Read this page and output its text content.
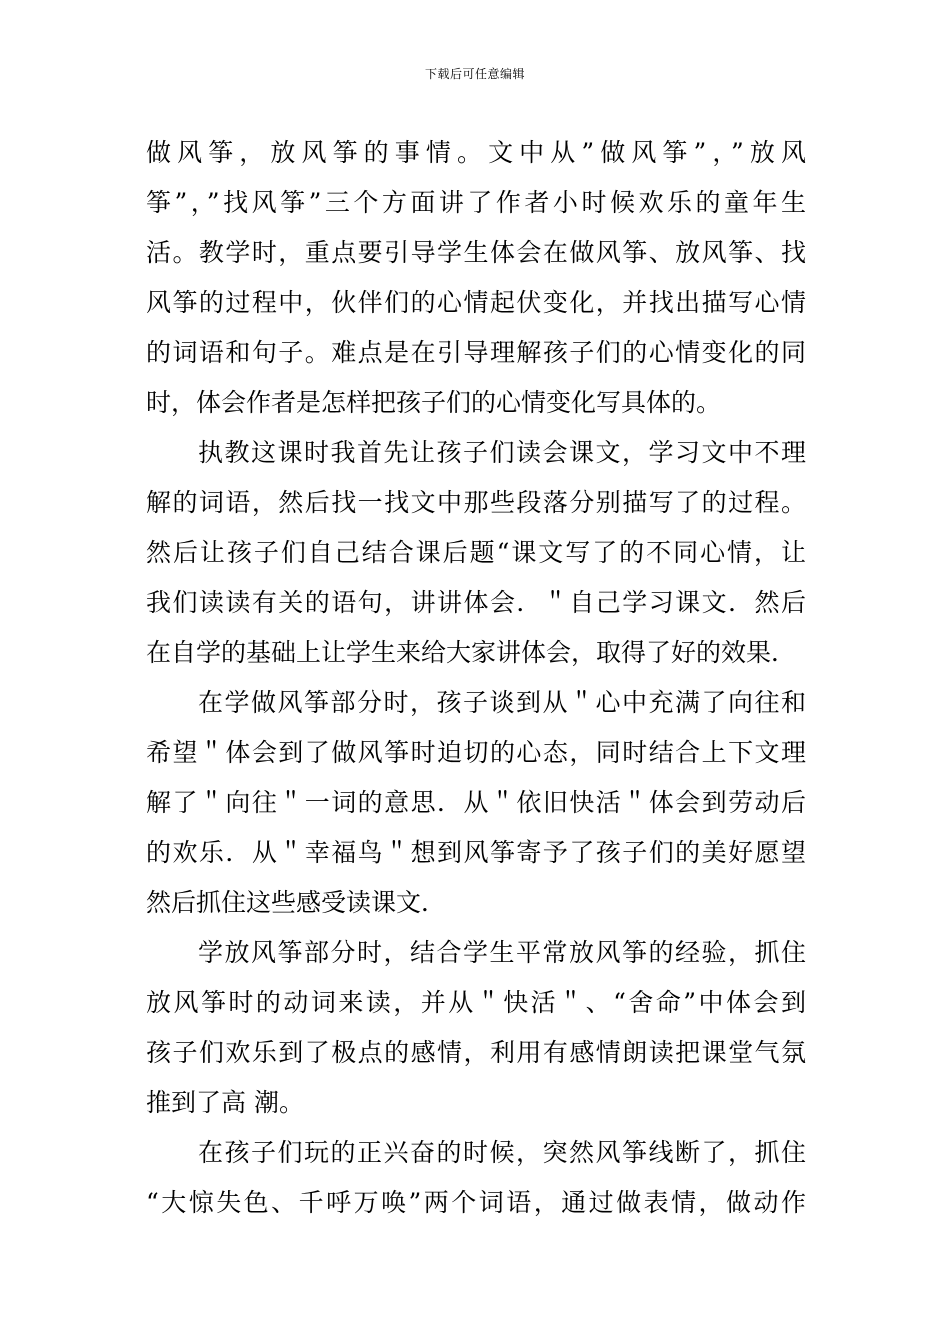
下载后可任意编辑
做风筝，放风筝的事情。文中从”做风筝”，”放风
筝”，”找风筝”三个方面讲了作者小时候欢乐的童年生
活。教学时，重点要引导学生体会在做风筝、放风筝、找
风筝的过程中，伙伴们的心情起伏变化，并找出描写心情
的词语和句子。难点是在引导理解孩子们的心情变化的同
时，体会作者是怎样把孩子们的心情变化写具体的。
执教这课时我首先让孩子们读会课文，学习文中不理
解的词语，然后找一找文中那些段落分别描写了的过程。
然后让孩子们自己结合课后题“课文写了的不同心情，让
我们读读有关的语句，讲讲体会．＂自己学习课文．然后
在自学的基础上让学生来给大家讲体会，取得了好的效果．
在学做风筝部分时，孩子谈到从＂心中充满了向往和
希望＂体会到了做风筝时迫切的心态，同时结合上下文理
解了＂向往＂一词的意思．从＂依旧快活＂体会到劳动后
的欢乐．从＂幸福鸟＂想到风筝寄予了孩子们的美好愿望
然后抓住这些感受读课文．
学放风筝部分时，结合学生平常放风筝的经验，抓住
放风筝时的动词来读，并从＂快活＂、“舍命”中体会到
孩子们欢乐到了极点的感情，利用有感情朗读把课堂气氛
推到了高 潮。
在孩子们玩的正兴奋的时候，突然风筝线断了，抓住
“大惊失色、千呼万唤”两个词语，通过做表情，做动作
